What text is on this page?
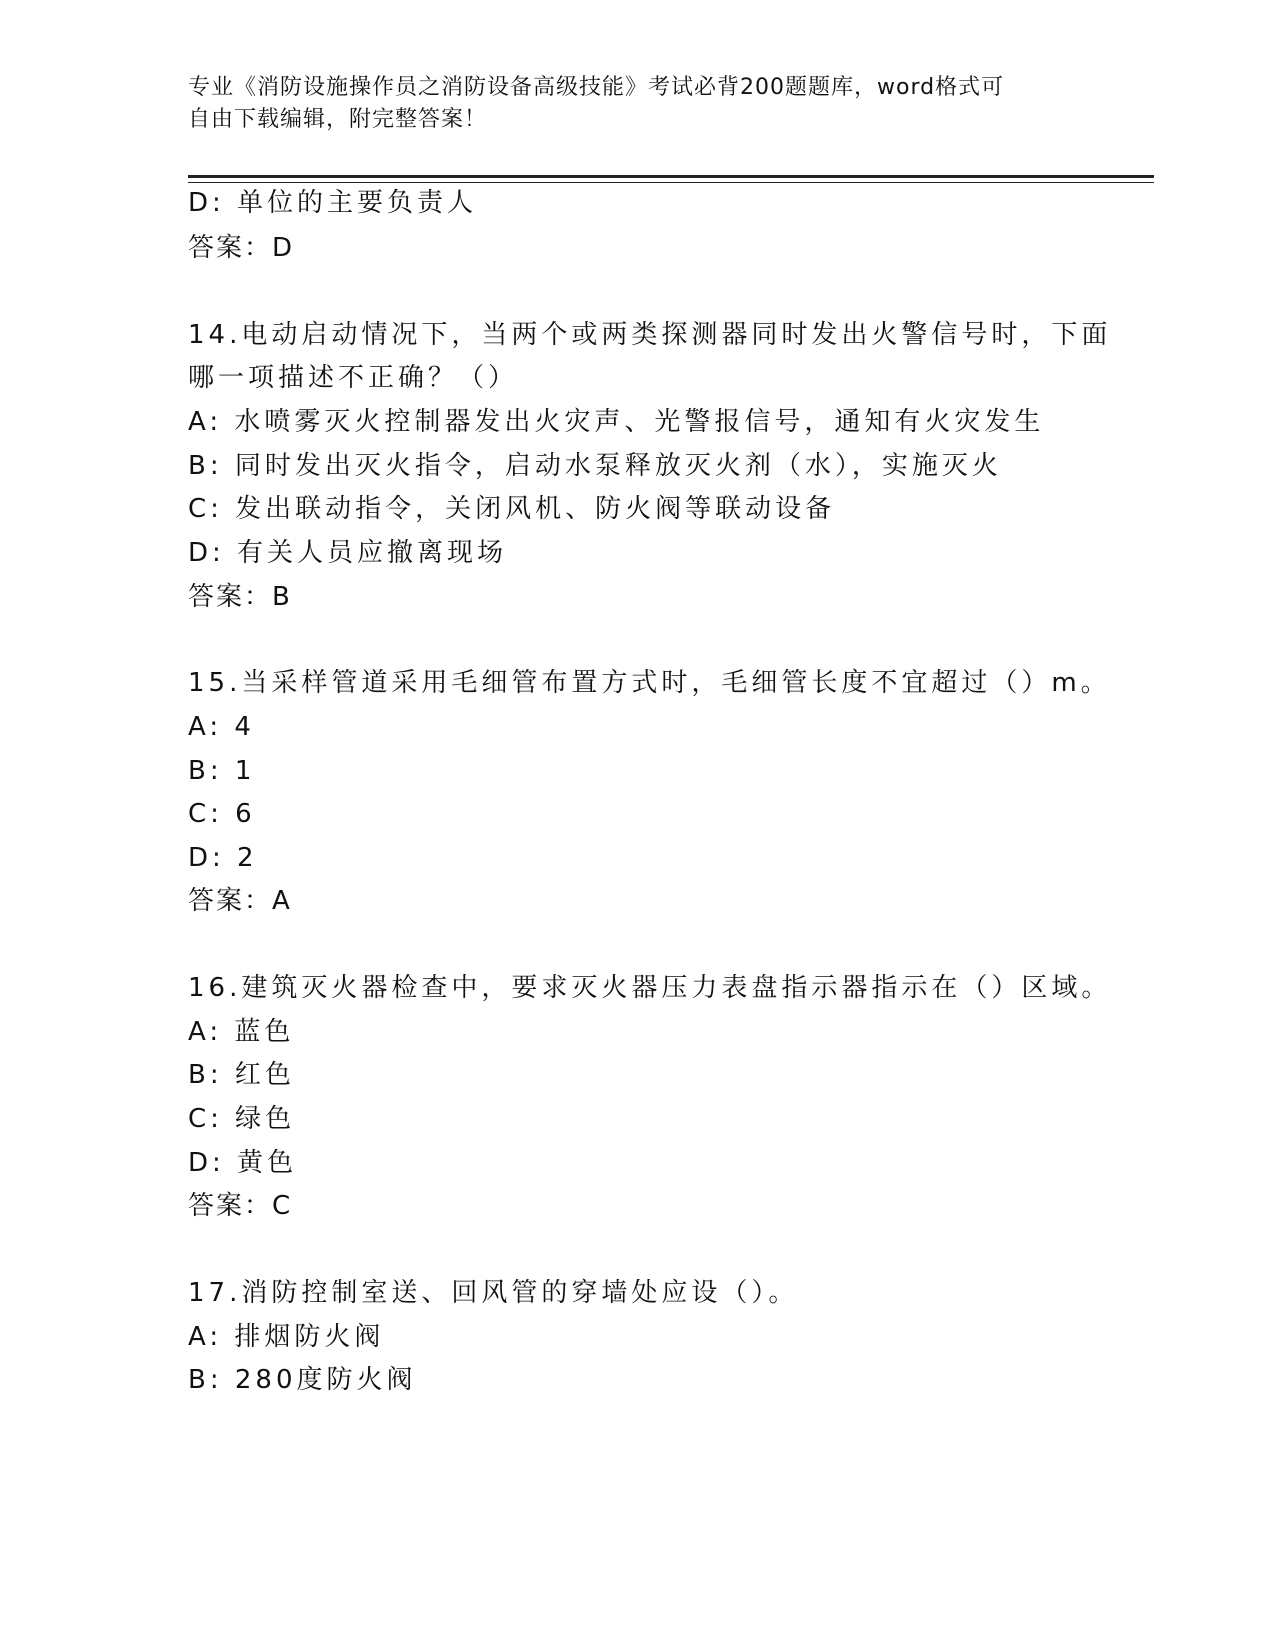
专业《消防设施操作员之消防设备高级技能》考试必背200题题库，word格式可
自由下载编辑，附完整答案！
D: 单位的主要负责人
答案：D
14.电动启动情况下，当两个或两类探测器同时发出火警信号时，下面
哪一项描述不正确？（）
A: 水喷雾灭火控制器发出火灾声、光警报信号，通知有火灾发生
B: 同时发出灭火指令，启动水泵释放灭火剂（水），实施灭火
C: 发出联动指令，关闭风机、防火阀等联动设备
D: 有关人员应撤离现场
答案：B
15.当采样管道采用毛细管布置方式时，毛细管长度不宜超过（）m。
A: 4
B: 1
C: 6
D: 2
答案：A
16.建筑灭火器检查中，要求灭火器压力表盘指示器指示在（）区域。
A: 蓝色
B: 红色
C: 绿色
D: 黄色
答案：C
17.消防控制室送、回风管的穿墙处应设（）。
A: 排烟防火阀
B: 280度防火阀
